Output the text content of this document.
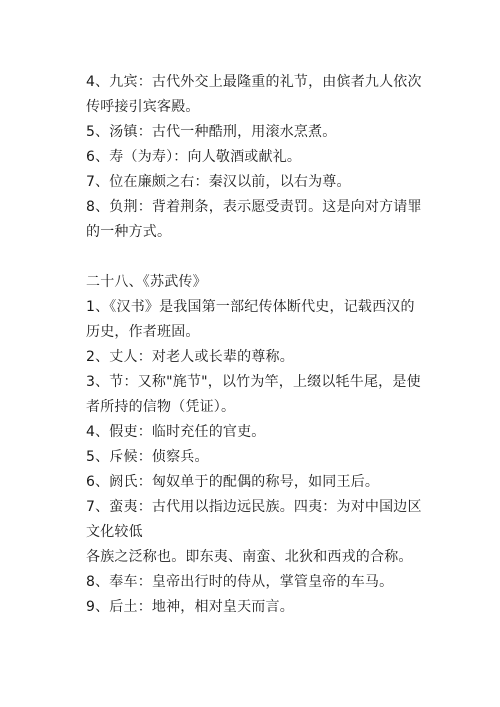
4、九宾：古代外交上最隆重的礼节，由傧者九人依次传呼接引宾客殿。

5、汤镇：古代一种酷刑，用滚水烹煮。

6、寿（为寿）：向人敬酒或献礼。

7、位在廉颇之右：秦汉以前，以右为尊。

8、负荆：背着荆条，表示愿受责罚。这是向对方请罪的一种方式。

二十八、《苏武传》

1、《汉书》是我国第一部纪传体断代史，记载西汉的历史，作者班固。

2、丈人：对老人或长辈的尊称。

3、节：又称"旄节"，以竹为竿，上缀以牦牛尾，是使者所持的信物（凭证）。

4、假吏：临时充任的官吏。

5、斥候：侦察兵。

6、阏氏：匈奴单于的配偶的称号，如同王后。

7、蛮夷：古代用以指边远民族。四夷：为对中国边区文化较低

各族之泛称也。即东夷、南蛮、北狄和西戎的合称。

8、奉车：皇帝出行时的侍从，掌管皇帝的车马。

9、后土：地神，相对皇天而言。
